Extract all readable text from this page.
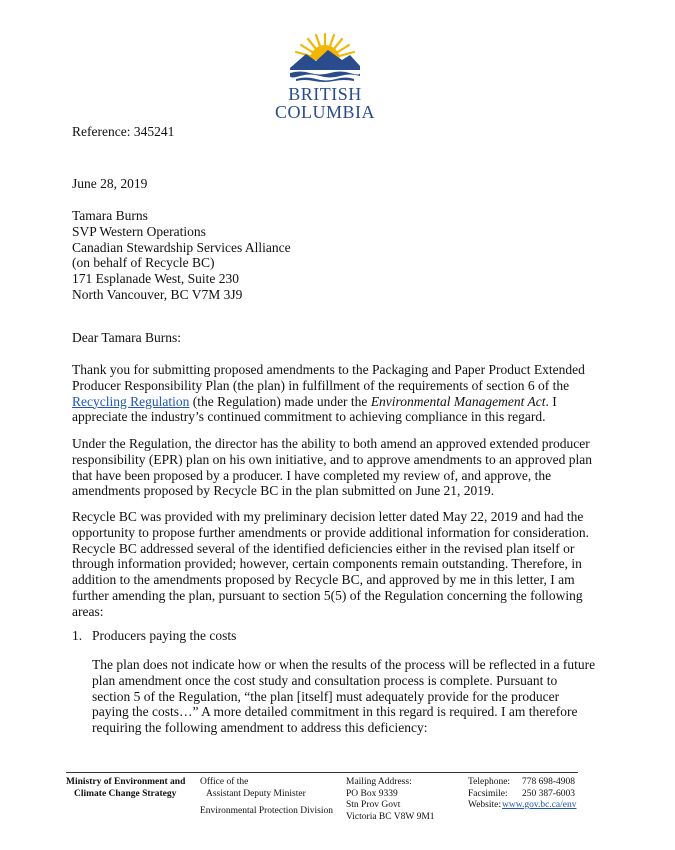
BRITISH
COLUMBIA
Reference: 345241
June 28, 2019
Tamara Burns
SVP Western Operations
Canadian Stewardship Services Alliance
(on behalf of Recycle BC)
171 Esplanade West, Suite 230
North Vancouver, BC V7M 3J9
Dear Tamara Burns:
Thank you for submitting proposed amendments to the Packaging and Paper Product Extended
Producer Responsibility Plan (the plan) in fulfillment of the requirements of section 6 of the
Recycling Regulation (the Regulation) made under the Environmental Management Act. I
appreciate the industry’s continued commitment to achieving compliance in this regard.
Under the Regulation, the director has the ability to both amend an approved extended producer
responsibility (EPR) plan on his own initiative, and to approve amendments to an approved plan
that have been proposed by a producer. I have completed my review of, and approve, the
amendments proposed by Recycle BC in the plan submitted on June 21, 2019.
Recycle BC was provided with my preliminary decision letter dated May 22, 2019 and had the
opportunity to propose further amendments or provide additional information for consideration.
Recycle BC addressed several of the identified deficiencies either in the revised plan itself or
through information provided; however, certain components remain outstanding. Therefore, in
addition to the amendments proposed by Recycle BC, and approved by me in this letter, I am
further amending the plan, pursuant to section 5(5) of the Regulation concerning the following
areas:
1. Producers paying the costs
The plan does not indicate how or when the results of the process will be reflected in a future
plan amendment once the cost study and consultation process is complete. Pursuant to
section 5 of the Regulation, “the plan [itself] must adequately provide for the producer
paying the costs…” A more detailed commitment in this regard is required. I am therefore
requiring the following amendment to address this deficiency:
Ministry of Environment and
Climate Change Strategy
Office of the
Assistant Deputy Minister
Environmental Protection Division
Mailing Address:
PO Box 9339
Stn Prov Govt
Victoria BC V8W 9M1
Telephone: 778 698-4908
Facsimile: 250 387-6003
Website:www.gov.bc.ca/env
